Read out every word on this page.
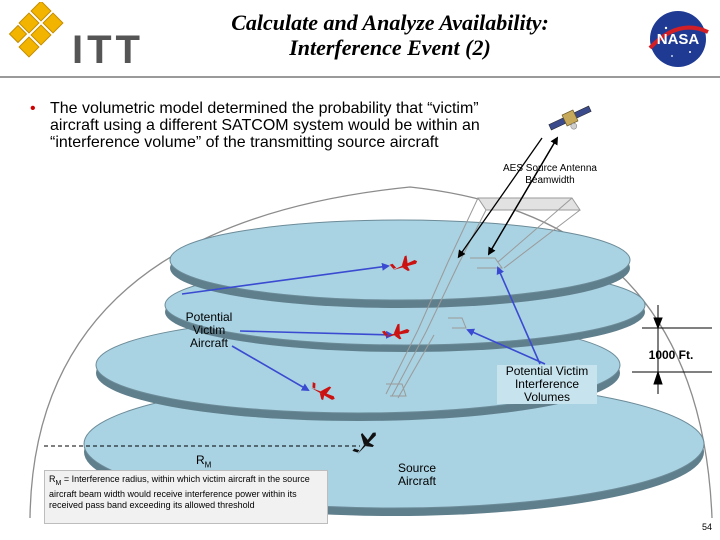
ITT
Calculate and Analyze Availability:
Interference Event (2)	NASA
• The volumetric model determined the probability that “victim” aircraft using a different SATCOM system would be within an “interference volume” of the transmitting source aircraft
AES Source Antenna Beamwidth
Potential Victim Aircraft
Potential Victim Interference Volumes
1000 Ft.
$R_M$	Source Aircraft
$R_M$ = Interference radius, within which victim aircraft in the source aircraft beam width would receive interference power within its received pass band exceeding its allowed threshold
54
